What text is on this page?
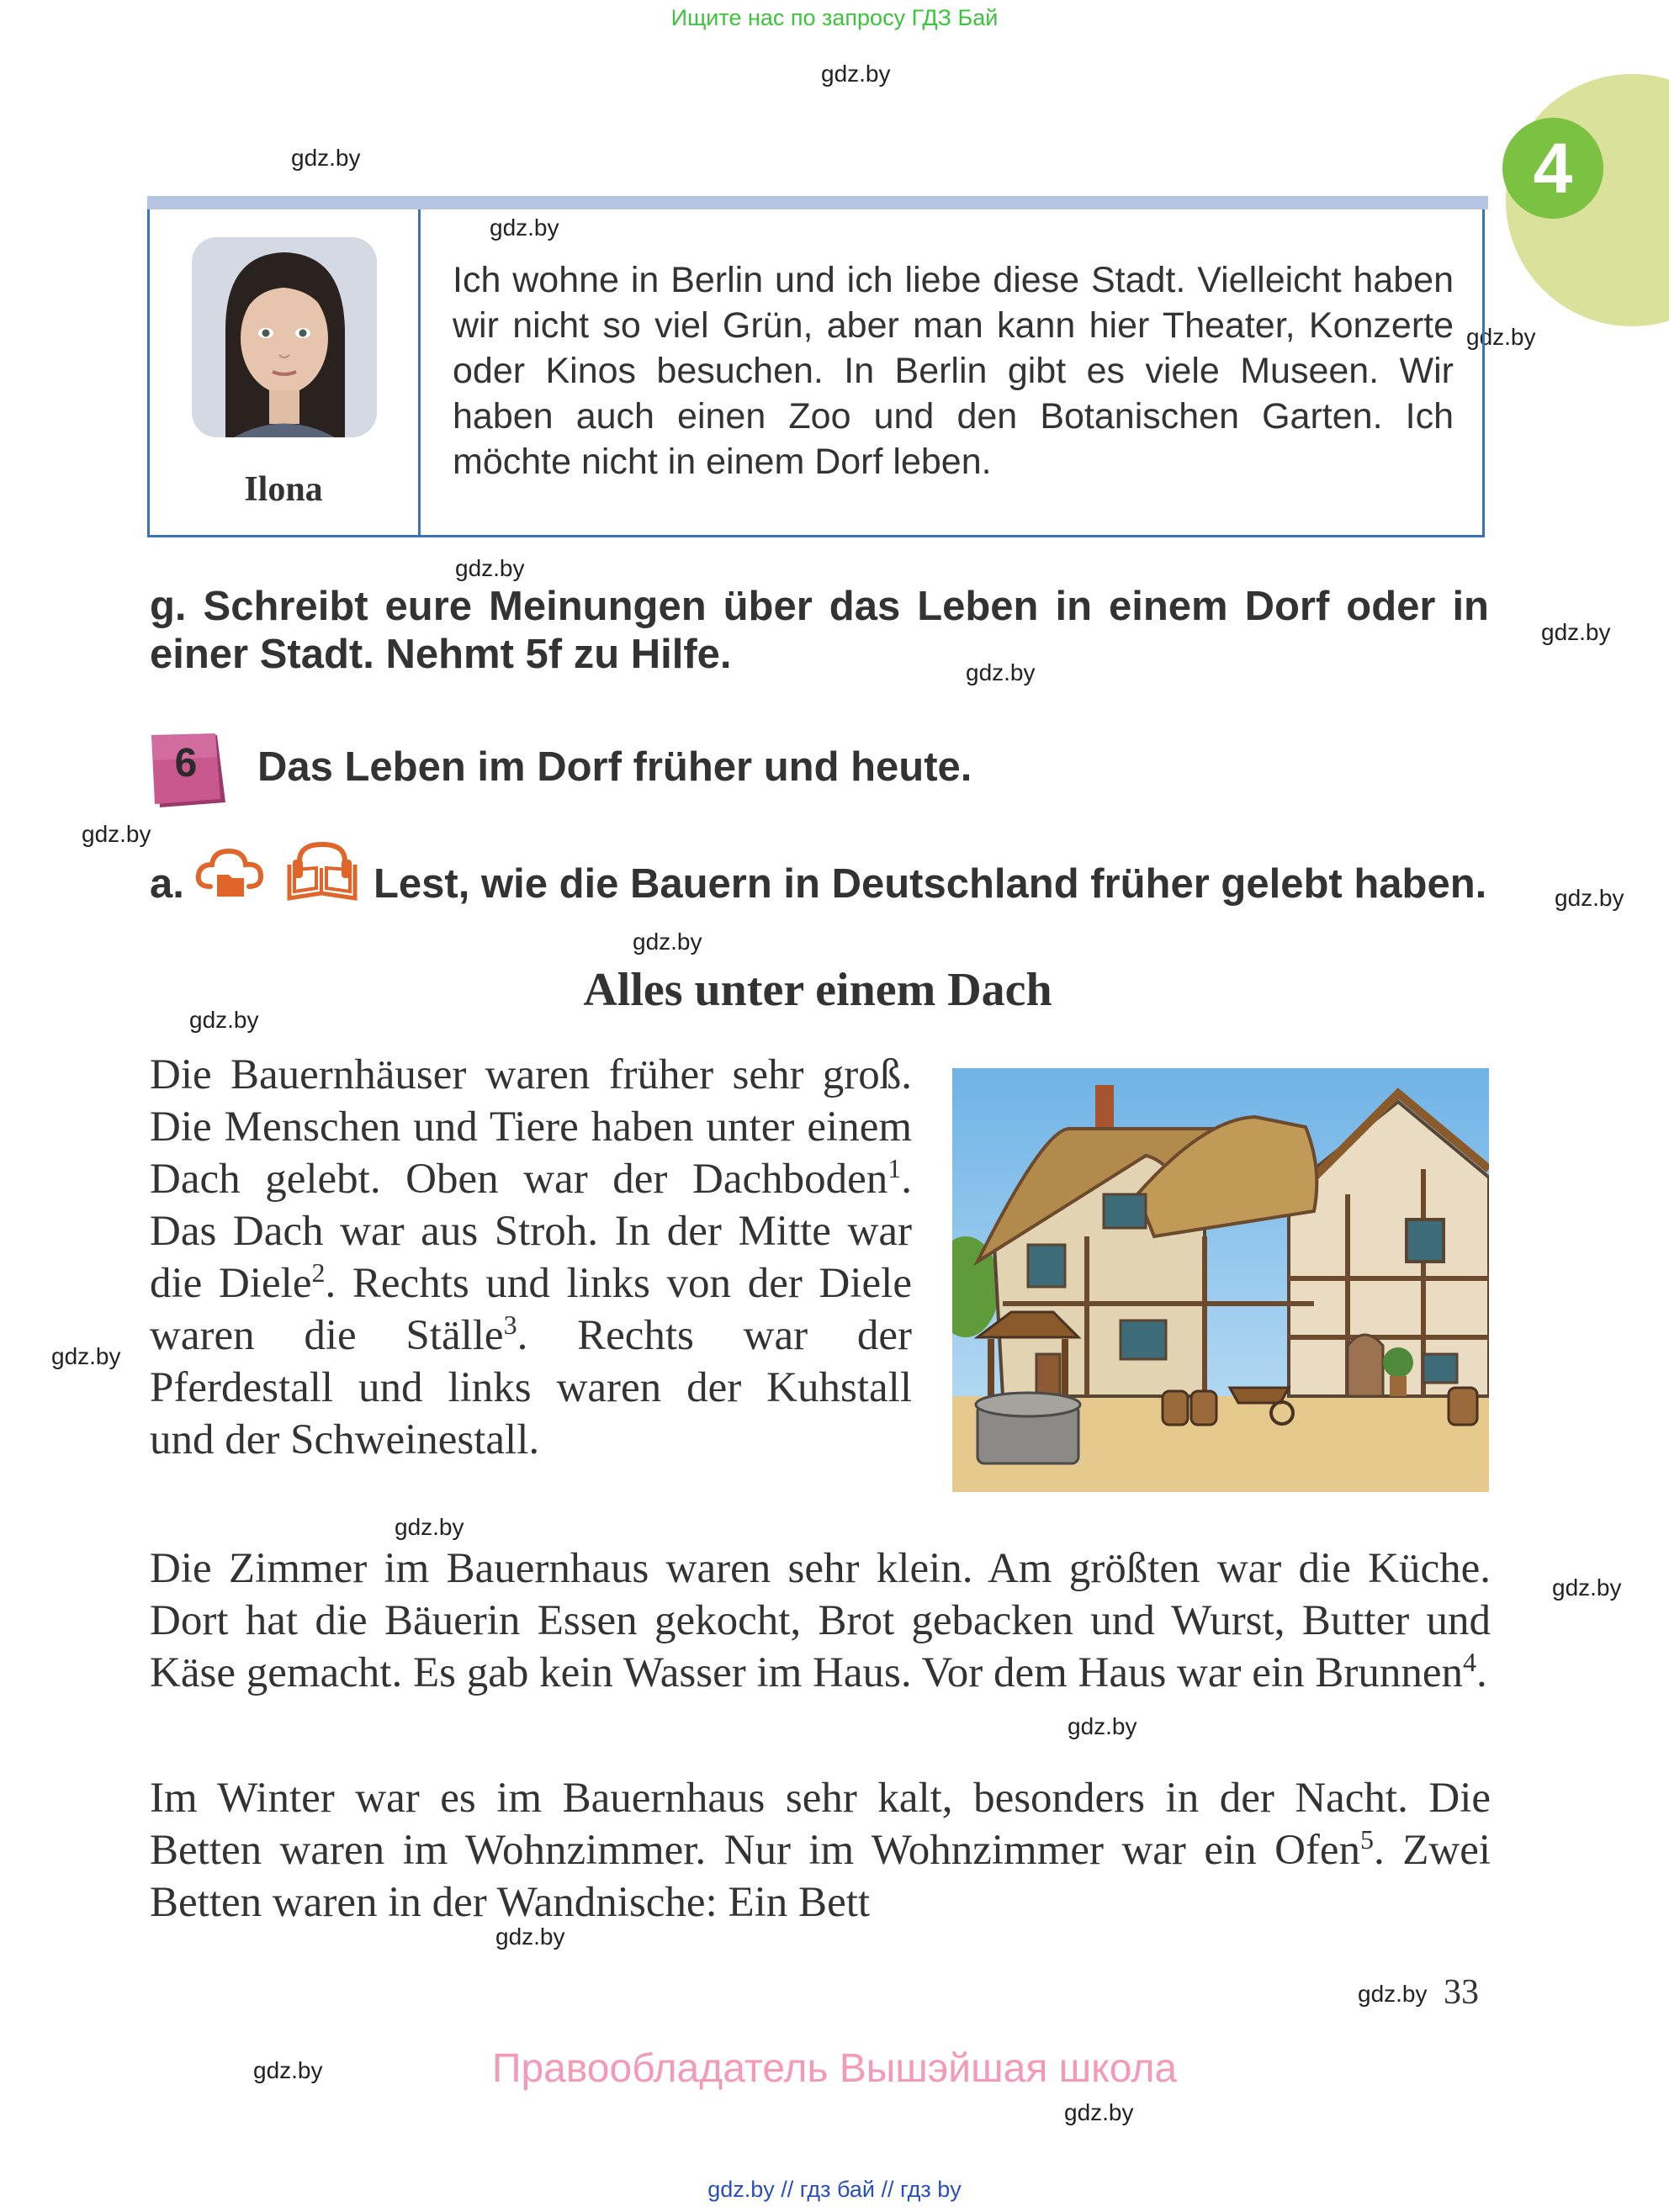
Ищите нас по запросу ГДЗ Бай
gdz.by
gdz.by
gdz.by
gdz.by
gdz.by
gdz.by
gdz.by
gdz.by
gdz.by
gdz.by
gdz.by
gdz.by
gdz.by
gdz.by
gdz.by
gdz.by
gdz.by
gdz.by
gdz.by
4
Ilona
Ich wohne in Berlin und ich liebe diese Stadt. Vielleicht haben wir nicht so viel Grün, aber man kann hier Theater, Konzerte oder Kinos besuchen. In Berlin gibt es viele Museen. Wir haben auch einen Zoo und den Botanischen Garten. Ich möchte nicht in einem Dorf leben.
g. Schreibt eure Meinungen über das Leben in einem Dorf oder in einer Stadt. Nehmt 5f zu Hilfe.
6	Das Leben im Dorf früher und heute.
a.	Lest, wie die Bauern in Deutschland früher gelebt haben.
Alles unter einem Dach
Die Bauernhäuser waren früher sehr groß. Die Menschen und Tiere haben unter einem Dach gelebt. Oben war der Dachboden$^1$. Das Dach war aus Stroh. In der Mitte war die Diele$^2$. Rechts und links von der Diele waren die Ställe$^3$. Rechts war der Pferdestall und links waren der Kuhstall und der Schweinestall.
Die Zimmer im Bauernhaus waren sehr klein. Am größten war die Küche. Dort hat die Bäuerin Essen gekocht, Brot gebacken und Wurst, Butter und Käse gemacht. Es gab kein Wasser im Haus. Vor dem Haus war ein Brunnen$^4$.
Im Winter war es im Bauernhaus sehr kalt, besonders in der Nacht. Die Betten waren im Wohnzimmer. Nur im Wohnzimmer war ein Ofen$^5$. Zwei Betten waren in der Wandnische: Ein Bett
33
Правообладатель Вышэйшая школа
gdz.by // гдз бай // гдз by
